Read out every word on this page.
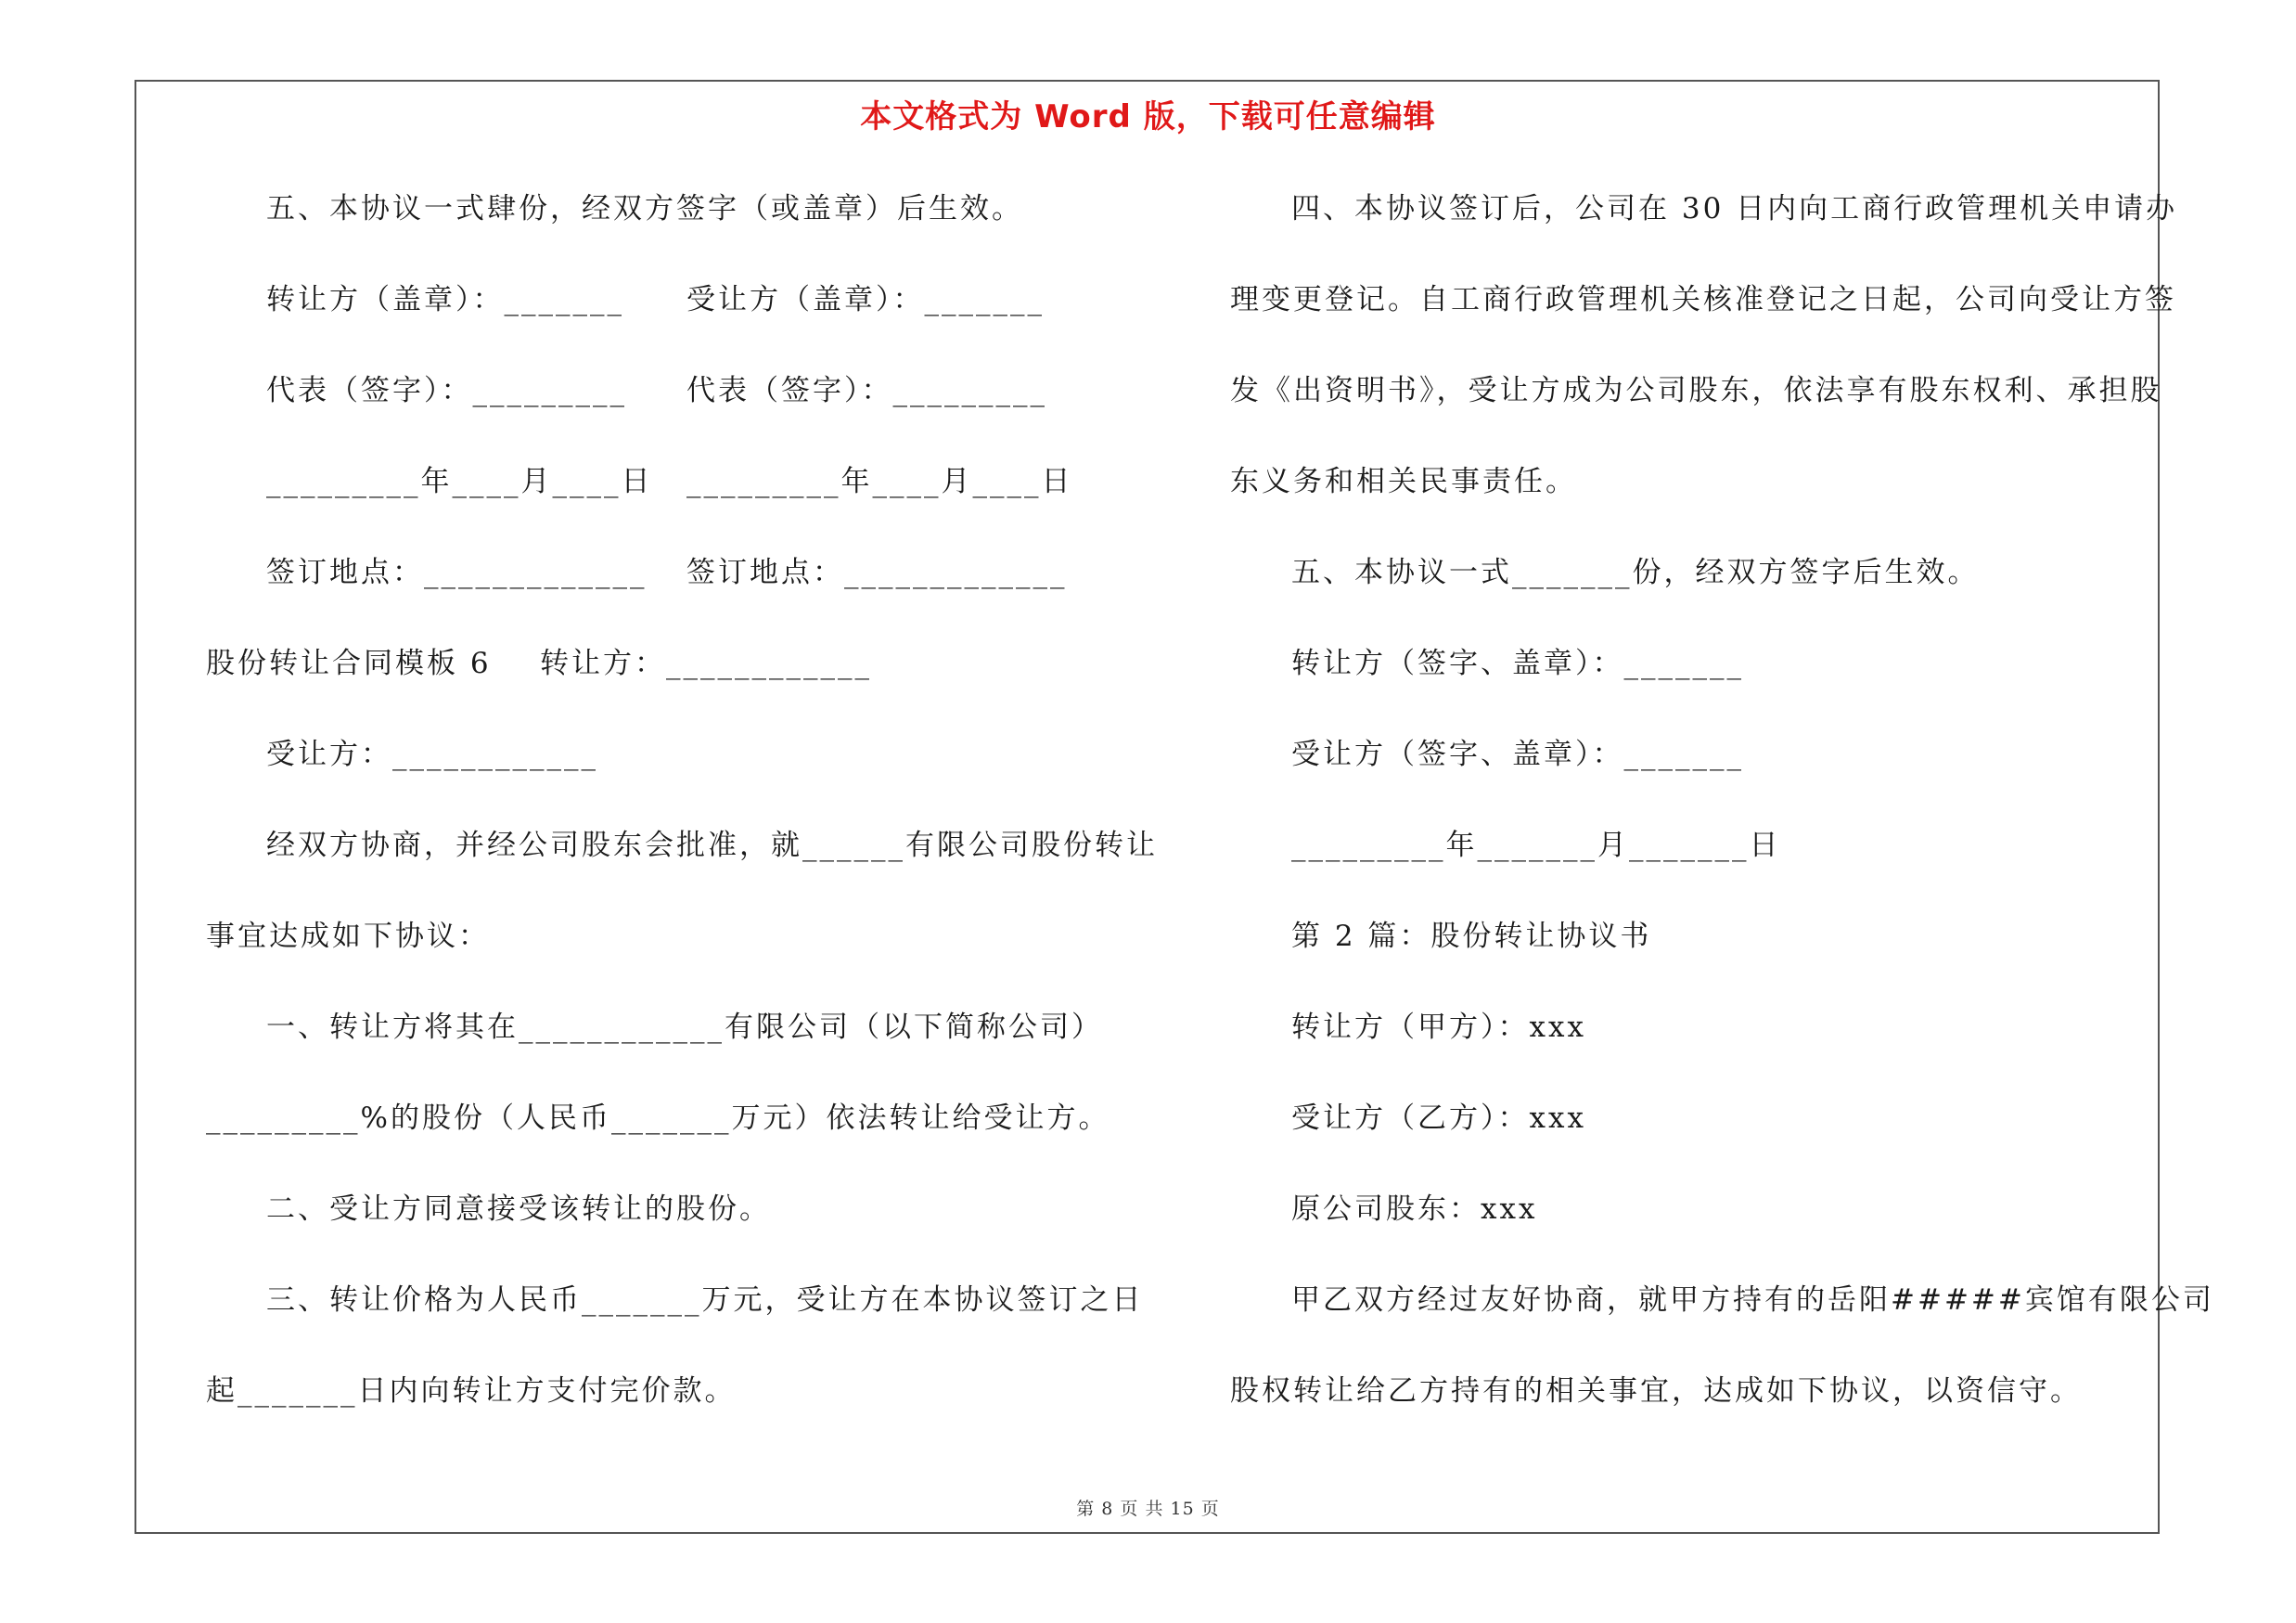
本文格式为 Word 版，下载可任意编辑
五、本协议一式肆份，经双方签字（或盖章）后生效。
转让方（盖章）：_______ 受让方（盖章）：_______
代表（签字）：_________ 代表（签字）：_________
_________年____月____日 _________年____月____日
签订地点：_____________ 签订地点：_____________
股份转让合同模板 6 转让方：____________
受让方：____________
经双方协商，并经公司股东会批准，就______有限公司股份转让
事宜达成如下协议：
一、转让方将其在____________有限公司（以下简称公司）
_________%的股份（人民币_______万元）依法转让给受让方。
二、受让方同意接受该转让的股份。
三、转让价格为人民币_______万元，受让方在本协议签订之日
起_______日内向转让方支付完价款。
四、本协议签订后，公司在 30 日内向工商行政管理机关申请办
理变更登记。自工商行政管理机关核准登记之日起，公司向受让方签
发《出资明书》，受让方成为公司股东，依法享有股东权利、承担股
东义务和相关民事责任。
五、本协议一式_______份，经双方签字后生效。
转让方（签字、盖章）：_______
受让方（签字、盖章）：_______
_________年_______月_______日
第 2 篇：股份转让协议书
转让方（甲方）：xxx
受让方（乙方）：xxx
原公司股东：xxx
甲乙双方经过友好协商，就甲方持有的岳阳#####宾馆有限公司
股权转让给乙方持有的相关事宜，达成如下协议，以资信守。
第 8 页 共 15 页
